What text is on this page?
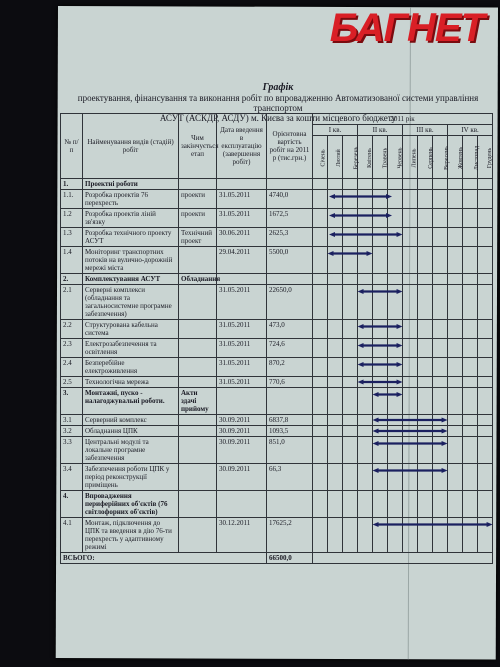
БАГНЕТ
Графік
проектування, фінансування та виконання робіт по впровадженню Автоматизованої системи управління транспортом
АСУТ (АСКДР, АСДУ) м. Києва за кошти місцевого бюджету
№ п/п	Найменування видів (стадій) робіт	Чим закінчується етап	Дата введення в експлуатацію (завершення робіт)	Орієнтовна вартість робіт на 2011 р (тис.грн.)	2011 рік											
					І кв.			ІІ кв.			ІІІ кв.			ІV кв.		
					Січень	Лютий	Березень	Квітень	Травень	Червень	Липень	Серпень	Вересень	Жовтень	Листопад	Грудень
1.	Проектні роботи															
1.1.	Розробка проектів 76 перехресть	проекти	31.05.2011	4740,0												
1.2	Розробка проектів ліній зв'язку	проекти	31.05.2011	1672,5												
1.3	Розробка технічного проекту АСУТ	Технічний проект	30.06.2011	2625,3												
1.4	Моніторинг транспортних потоків на вулично-дорожній мережі міста		29.04.2011	5500,0												
2.	Комплектування АСУТ	Обладнання														
2.1	Серверні комплекси (обладнання та загальносистемне програмне забезпечення)		31.05.2011	22650,0												
2.2	Структурована кабельна система		31.05.2011	473,0												
2.3	Електрозабезпечення та освітлення		31.05.2011	724,6												
2.4	Безперебійне електроживлення		31.05.2011	870,2												
2.5	Технологічна мережа		31.05.2011	770,6												
3.	Монтажні, пуско - налагоджувальні роботи.	Акти здачі прийому														
3.1	Серверний комплекс		30.09.2011	6837,8												
3.2	Обладнання ЦПК		30.09.2011	1093,5												
3.3	Центральні модулі та локальне програмне забезпечення		30.09.2011	851,0												
3.4	Забезпечення роботи ЦПК у період реконструкції приміщень		30.09.2011	66,3												
4.	Впровадження периферійних об'єктів (76 світлофорних об'єктів)															
4.1	Монтаж, підключення до ЦПК та введення в дію 76-ти перехресть у адаптивному режимі		30.12.2011	17625,2												
ВСЬОГО:				66500,0												
